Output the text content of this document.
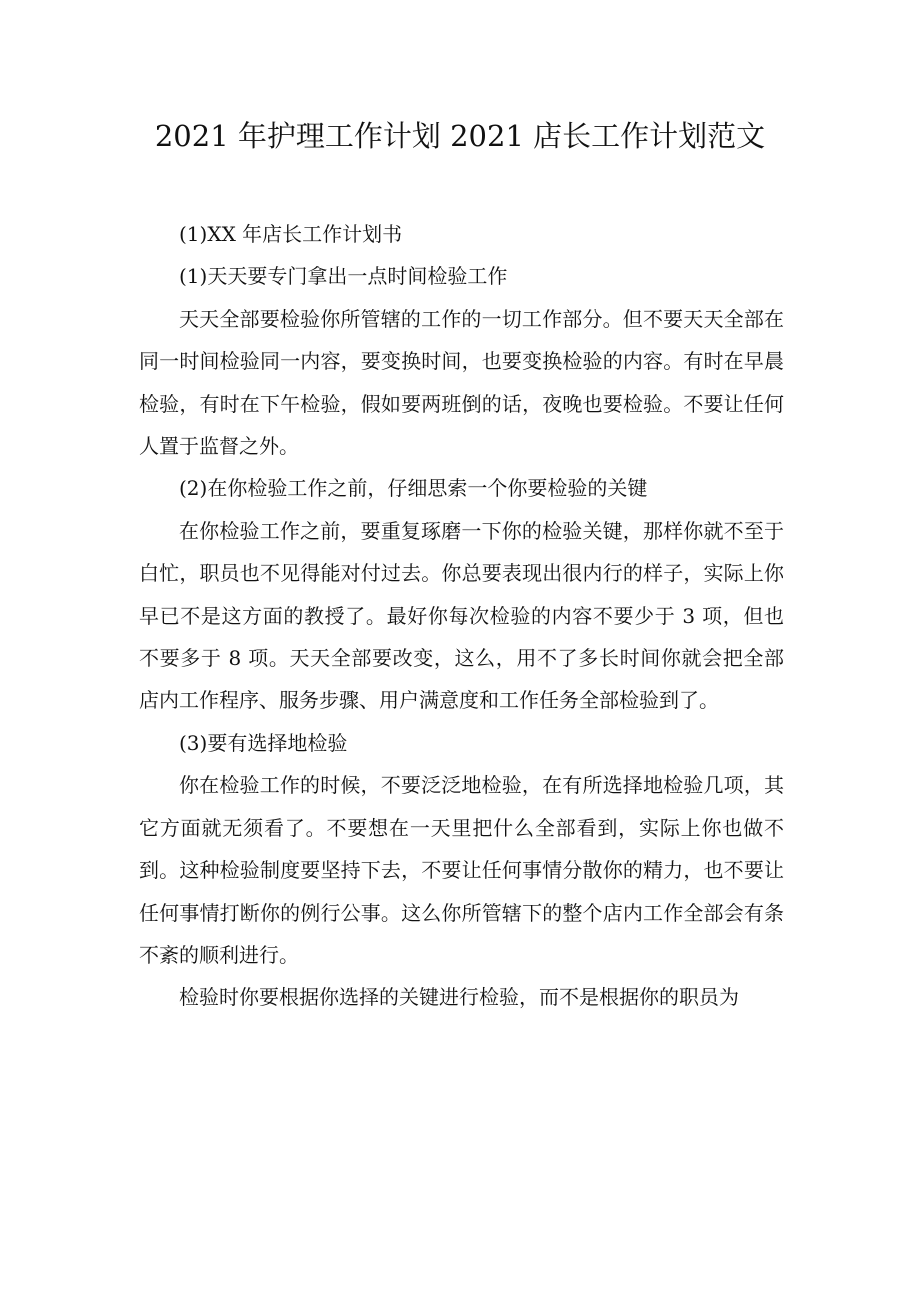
2021 年护理工作计划 2021 店长工作计划范文

(1)XX 年店长工作计划书

(1)天天要专门拿出一点时间检验工作

天天全部要检验你所管辖的工作的一切工作部分。但不要天天全部在同一时间检验同一内容，要变换时间，也要变换检验的内容。有时在早晨检验，有时在下午检验，假如要两班倒的话，夜晚也要检验。不要让任何人置于监督之外。

(2)在你检验工作之前，仔细思索一个你要检验的关键

在你检验工作之前，要重复琢磨一下你的检验关键，那样你就不至于白忙，职员也不见得能对付过去。你总要表现出很内行的样子，实际上你早已不是这方面的教授了。最好你每次检验的内容不要少于 3 项，但也不要多于 8 项。天天全部要改变，这么，用不了多长时间你就会把全部店内工作程序、服务步骤、用户满意度和工作任务全部检验到了。

(3)要有选择地检验

你在检验工作的时候，不要泛泛地检验，在有所选择地检验几项，其它方面就无须看了。不要想在一天里把什么全部看到，实际上你也做不到。这种检验制度要坚持下去，不要让任何事情分散你的精力，也不要让任何事情打断你的例行公事。这么你所管辖下的整个店内工作全部会有条不紊的顺利进行。

检验时你要根据你选择的关键进行检验，而不是根据你的职员为
